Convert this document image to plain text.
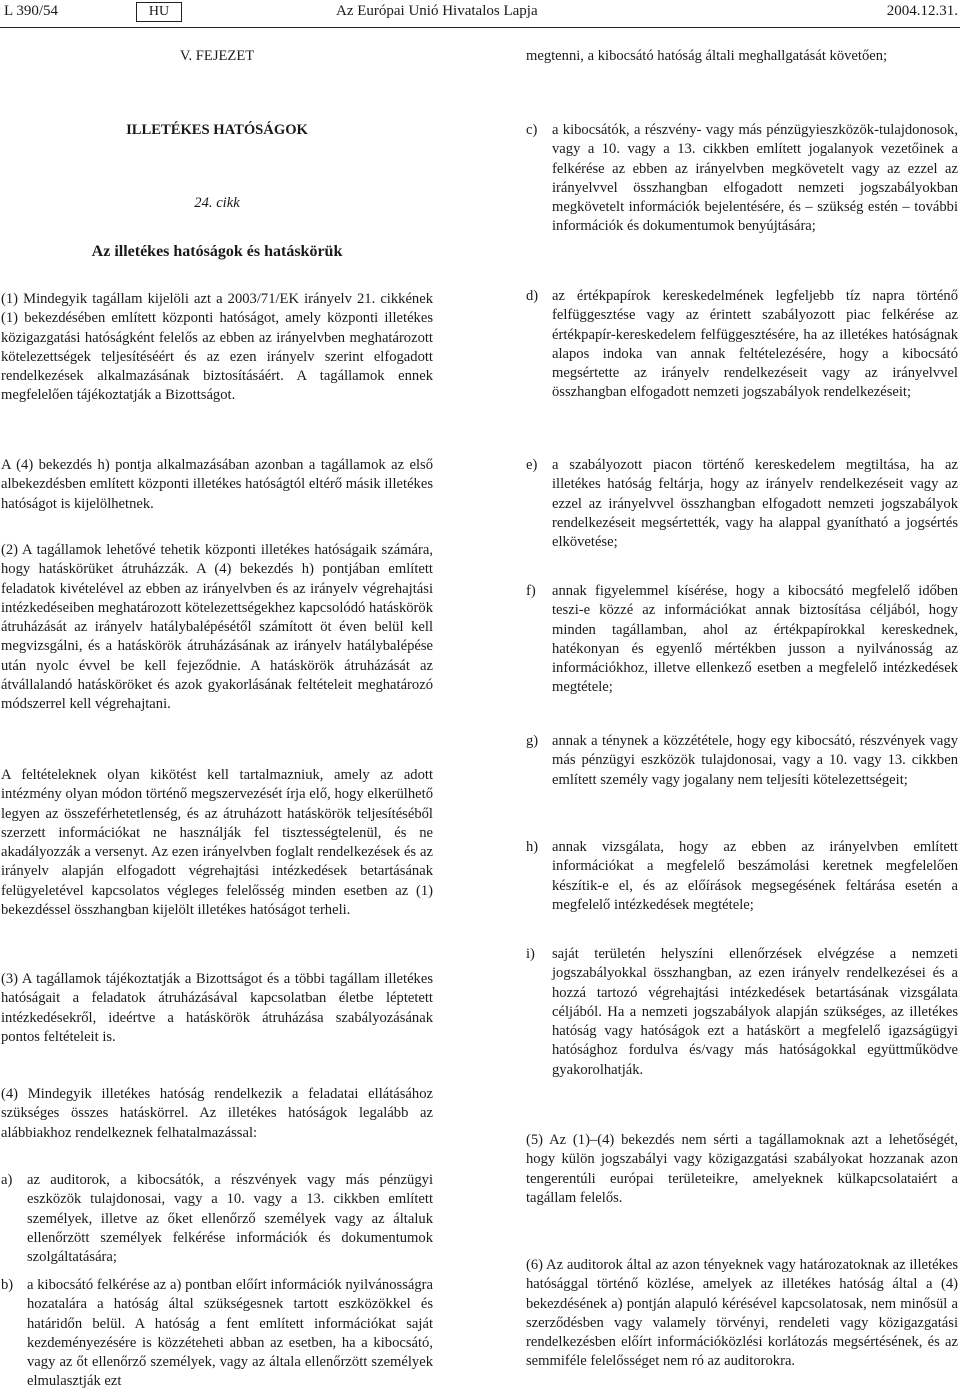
L 390/54	HU	Az Európai Unió Hivatalos Lapja	2004.12.31.
V. FEJEZET
ILLETÉKES HATÓSÁGOK
24. cikk
Az illetékes hatóságok és hatáskörük
(1) Mindegyik tagállam kijelöli azt a 2003/71/EK irányelv 21. cikkének (1) bekezdésében említett központi hatóságot, amely központi illetékes közigazgatási hatóságként felelős az ebben az irányelvben meghatározott kötelezettségek teljesítéséért és az ezen irányelv szerint elfogadott rendelkezések alkalmazásának biztosításáért. A tagállamok ennek megfelelően tájékoztatják a Bizottságot.
A (4) bekezdés h) pontja alkalmazásában azonban a tagállamok az első albekezdésben említett központi illetékes hatóságtól eltérő másik illetékes hatóságot is kijelölhetnek.
(2) A tagállamok lehetővé tehetik központi illetékes hatóságaik számára, hogy hatáskörüket átruházzák. A (4) bekezdés h) pontjában említett feladatok kivételével az ebben az irányelvben és az irányelv végrehajtási intézkedéseiben meghatározott kötelezettségekhez kapcsolódó hatáskörök átruházását az irányelv hatálybalépésétől számított öt éven belül kell megvizsgálni, és a hatáskörök átruházásának az irányelv hatálybalépése után nyolc évvel be kell fejeződnie. A hatáskörök átruházását az átvállalandó hatásköröket és azok gyakorlásának feltételeit meghatározó módszerrel kell végrehajtani.
A feltételeknek olyan kikötést kell tartalmazniuk, amely az adott intézmény olyan módon történő megszervezését írja elő, hogy elkerülhető legyen az összeférhetetlenség, és az átruházott hatáskörök teljesítéséből szerzett információkat ne használják fel tisztességtelenül, és ne akadályozzák a versenyt. Az ezen irányelvben foglalt rendelkezések és az irányelv alapján elfogadott végrehajtási intézkedések betartásának felügyeletével kapcsolatos végleges felelősség minden esetben az (1) bekezdéssel összhangban kijelölt illetékes hatóságot terheli.
(3) A tagállamok tájékoztatják a Bizottságot és a többi tagállam illetékes hatóságait a feladatok átruházásával kapcsolatban életbe léptetett intézkedésekről, ideértve a hatáskörök átruházása szabályozásának pontos feltételeit is.
(4) Mindegyik illetékes hatóság rendelkezik a feladatai ellátásához szükséges összes hatáskörrel. Az illetékes hatóságok legalább az alábbiakhoz rendelkeznek felhatalmazással:
a) az auditorok, a kibocsátók, a részvények vagy más pénzügyi eszközök tulajdonosai, vagy a 10. vagy a 13. cikkben említett személyek, illetve az őket ellenőrző személyek vagy az általuk ellenőrzött személyek felkérése információk és dokumentumok szolgáltatására;
b) a kibocsátó felkérése az a) pontban előírt információk nyilvánosságra hozatalára a hatóság által szükségesnek tartott eszközökkel és határidőn belül. A hatóság a fent említett információkat saját kezdeményezésére is közzéteheti abban az esetben, ha a kibocsátó, vagy az őt ellenőrző személyek, vagy az általa ellenőrzött személyek elmulasztják ezt
megtenni, a kibocsátó hatóság általi meghallgatását követően;
c) a kibocsátók, a részvény- vagy más pénzügyieszközök-tulajdonosok, vagy a 10. vagy a 13. cikkben említett jogalanyok vezetőinek a felkérése az ebben az irányelvben megkövetelt vagy az ezzel az irányelvvel összhangban elfogadott nemzeti jogszabályokban megkövetelt információk bejelentésére, és – szükség estén – további információk és dokumentumok benyújtására;
d) az értékpapírok kereskedelmének legfeljebb tíz napra történő felfüggesztése vagy az érintett szabályozott piac felkérése az értékpapír-kereskedelem felfüggesztésére, ha az illetékes hatóságnak alapos indoka van annak feltételezésére, hogy a kibocsátó megsértette az irányelv rendelkezéseit vagy az irányelvvel összhangban elfogadott nemzeti jogszabályok rendelkezéseit;
e) a szabályozott piacon történő kereskedelem megtiltása, ha az illetékes hatóság feltárja, hogy az irányelv rendelkezéseit vagy az ezzel az irányelvvel összhangban elfogadott nemzeti jogszabályok rendelkezéseit megsértették, vagy ha alappal gyanítható a jogsértés elkövetése;
f) annak figyelemmel kísérése, hogy a kibocsátó megfelelő időben teszi-e közzé az információkat annak biztosítása céljából, hogy minden tagállamban, ahol az értékpapírokkal kereskednek, hatékonyan és egyenlő mértékben jusson a nyilvánosság az információkhoz, illetve ellenkező esetben a megfelelő intézkedések megtétele;
g) annak a ténynek a közzététele, hogy egy kibocsátó, részvények vagy más pénzügyi eszközök tulajdonosai, vagy a 10. vagy 13. cikkben említett személy vagy jogalany nem teljesíti kötelezettségeit;
h) annak vizsgálata, hogy az ebben az irányelvben említett információkat a megfelelő beszámolási keretnek megfelelően készítik-e el, és az előírások megsegésének feltárása esetén a megfelelő intézkedések megtétele;
i) saját területén helyszíni ellenőrzések elvégzése a nemzeti jogszabályokkal összhangban, az ezen irányelv rendelkezései és a hozzá tartozó végrehajtási intézkedések betartásának vizsgálata céljából. Ha a nemzeti jogszabályok alapján szükséges, az illetékes hatóság vagy hatóságok ezt a hatáskört a megfelelő igazságügyi hatósághoz fordulva és/vagy más hatóságokkal együttműködve gyakorolhatják.
(5) Az (1)–(4) bekezdés nem sérti a tagállamoknak azt a lehetőségét, hogy külön jogszabályi vagy közigazgatási szabályokat hozzanak azon tengerentúli európai területeikre, amelyeknek külkapcsolataiért a tagállam felelős.
(6) Az auditorok által az azon tényeknek vagy határozatoknak az illetékes hatósággal történő közlése, amelyek az illetékes hatóság által a (4) bekezdésének a) pontján alapuló kérésével kapcsolatosak, nem minősül a szerződésben vagy valamely törvényi, rendeleti vagy közigazgatási rendelkezésben előírt információközlési korlátozás megsértésének, és az semmiféle felelősséget nem ró az auditorokra.
